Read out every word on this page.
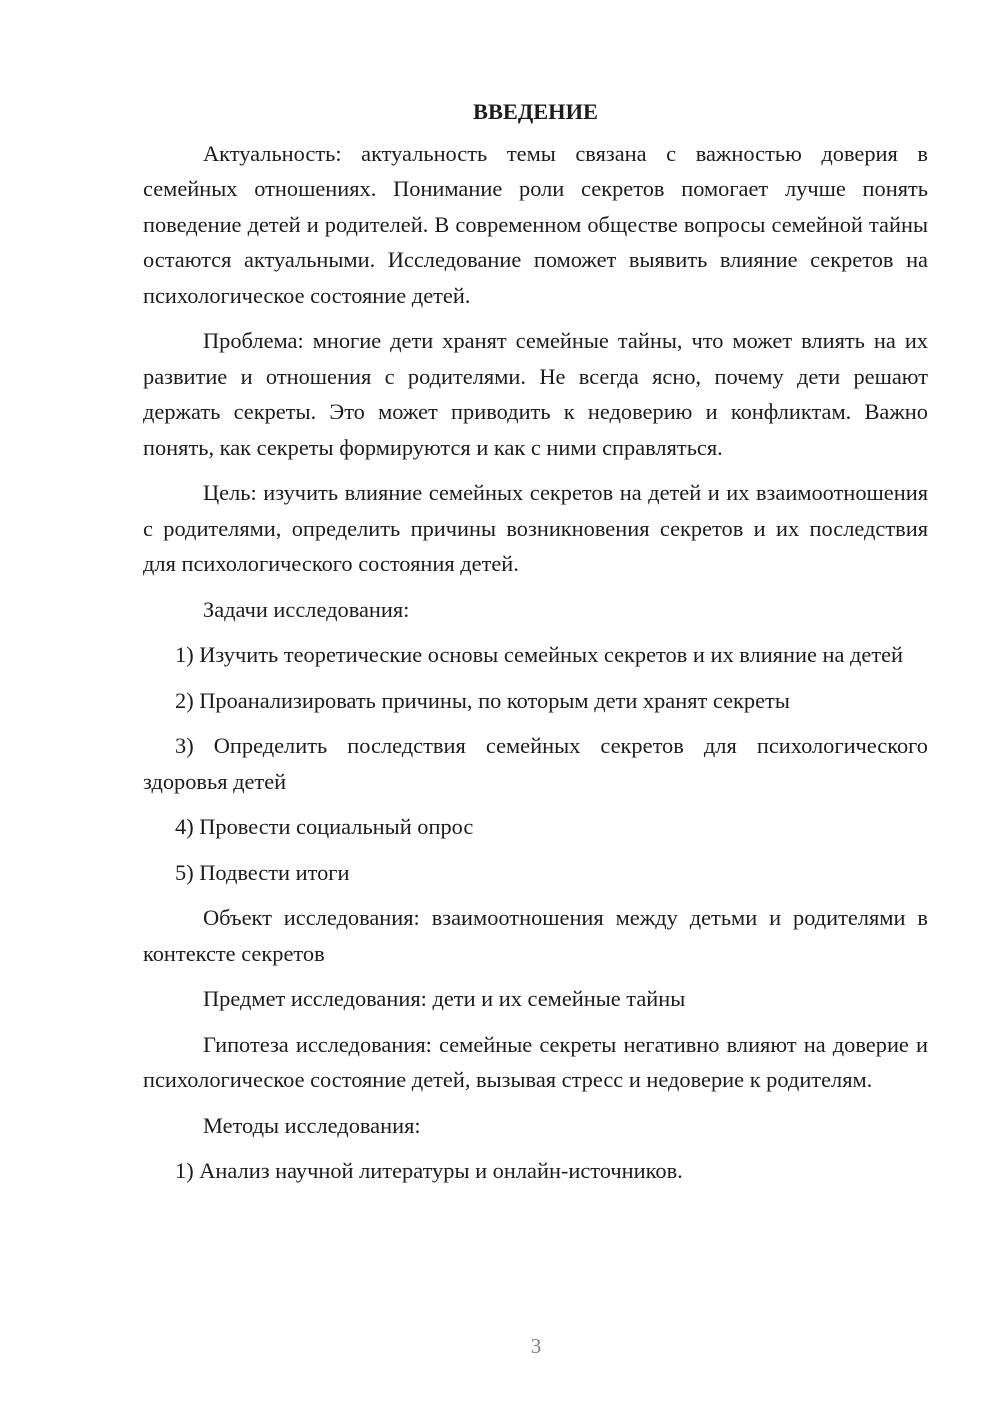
ВВЕДЕНИЕ

Актуальность: актуальность темы связана с важностью доверия в семейных отношениях. Понимание роли секретов помогает лучше понять поведение детей и родителей. В современном обществе вопросы семейной тайны остаются актуальными. Исследование поможет выявить влияние секретов на психологическое состояние детей.

Проблема: многие дети хранят семейные тайны, что может влиять на их развитие и отношения с родителями. Не всегда ясно, почему дети решают держать секреты. Это может приводить к недоверию и конфликтам. Важно понять, как секреты формируются и как с ними справляться.

Цель: изучить влияние семейных секретов на детей и их взаимоотношения с родителями, определить причины возникновения секретов и их последствия для психологического состояния детей.

Задачи исследования:

1) Изучить теоретические основы семейных секретов и их влияние на детей

2) Проанализировать причины, по которым дети хранят секреты

3) Определить последствия семейных секретов для психологического здоровья детей

4) Провести социальный опрос

5) Подвести итоги

Объект исследования: взаимоотношения между детьми и родителями в контексте секретов

Предмет исследования: дети и их семейные тайны

Гипотеза исследования: семейные секреты негативно влияют на доверие и психологическое состояние детей, вызывая стресс и недоверие к родителям.

Методы исследования:

1) Анализ научной литературы и онлайн-источников.

3
